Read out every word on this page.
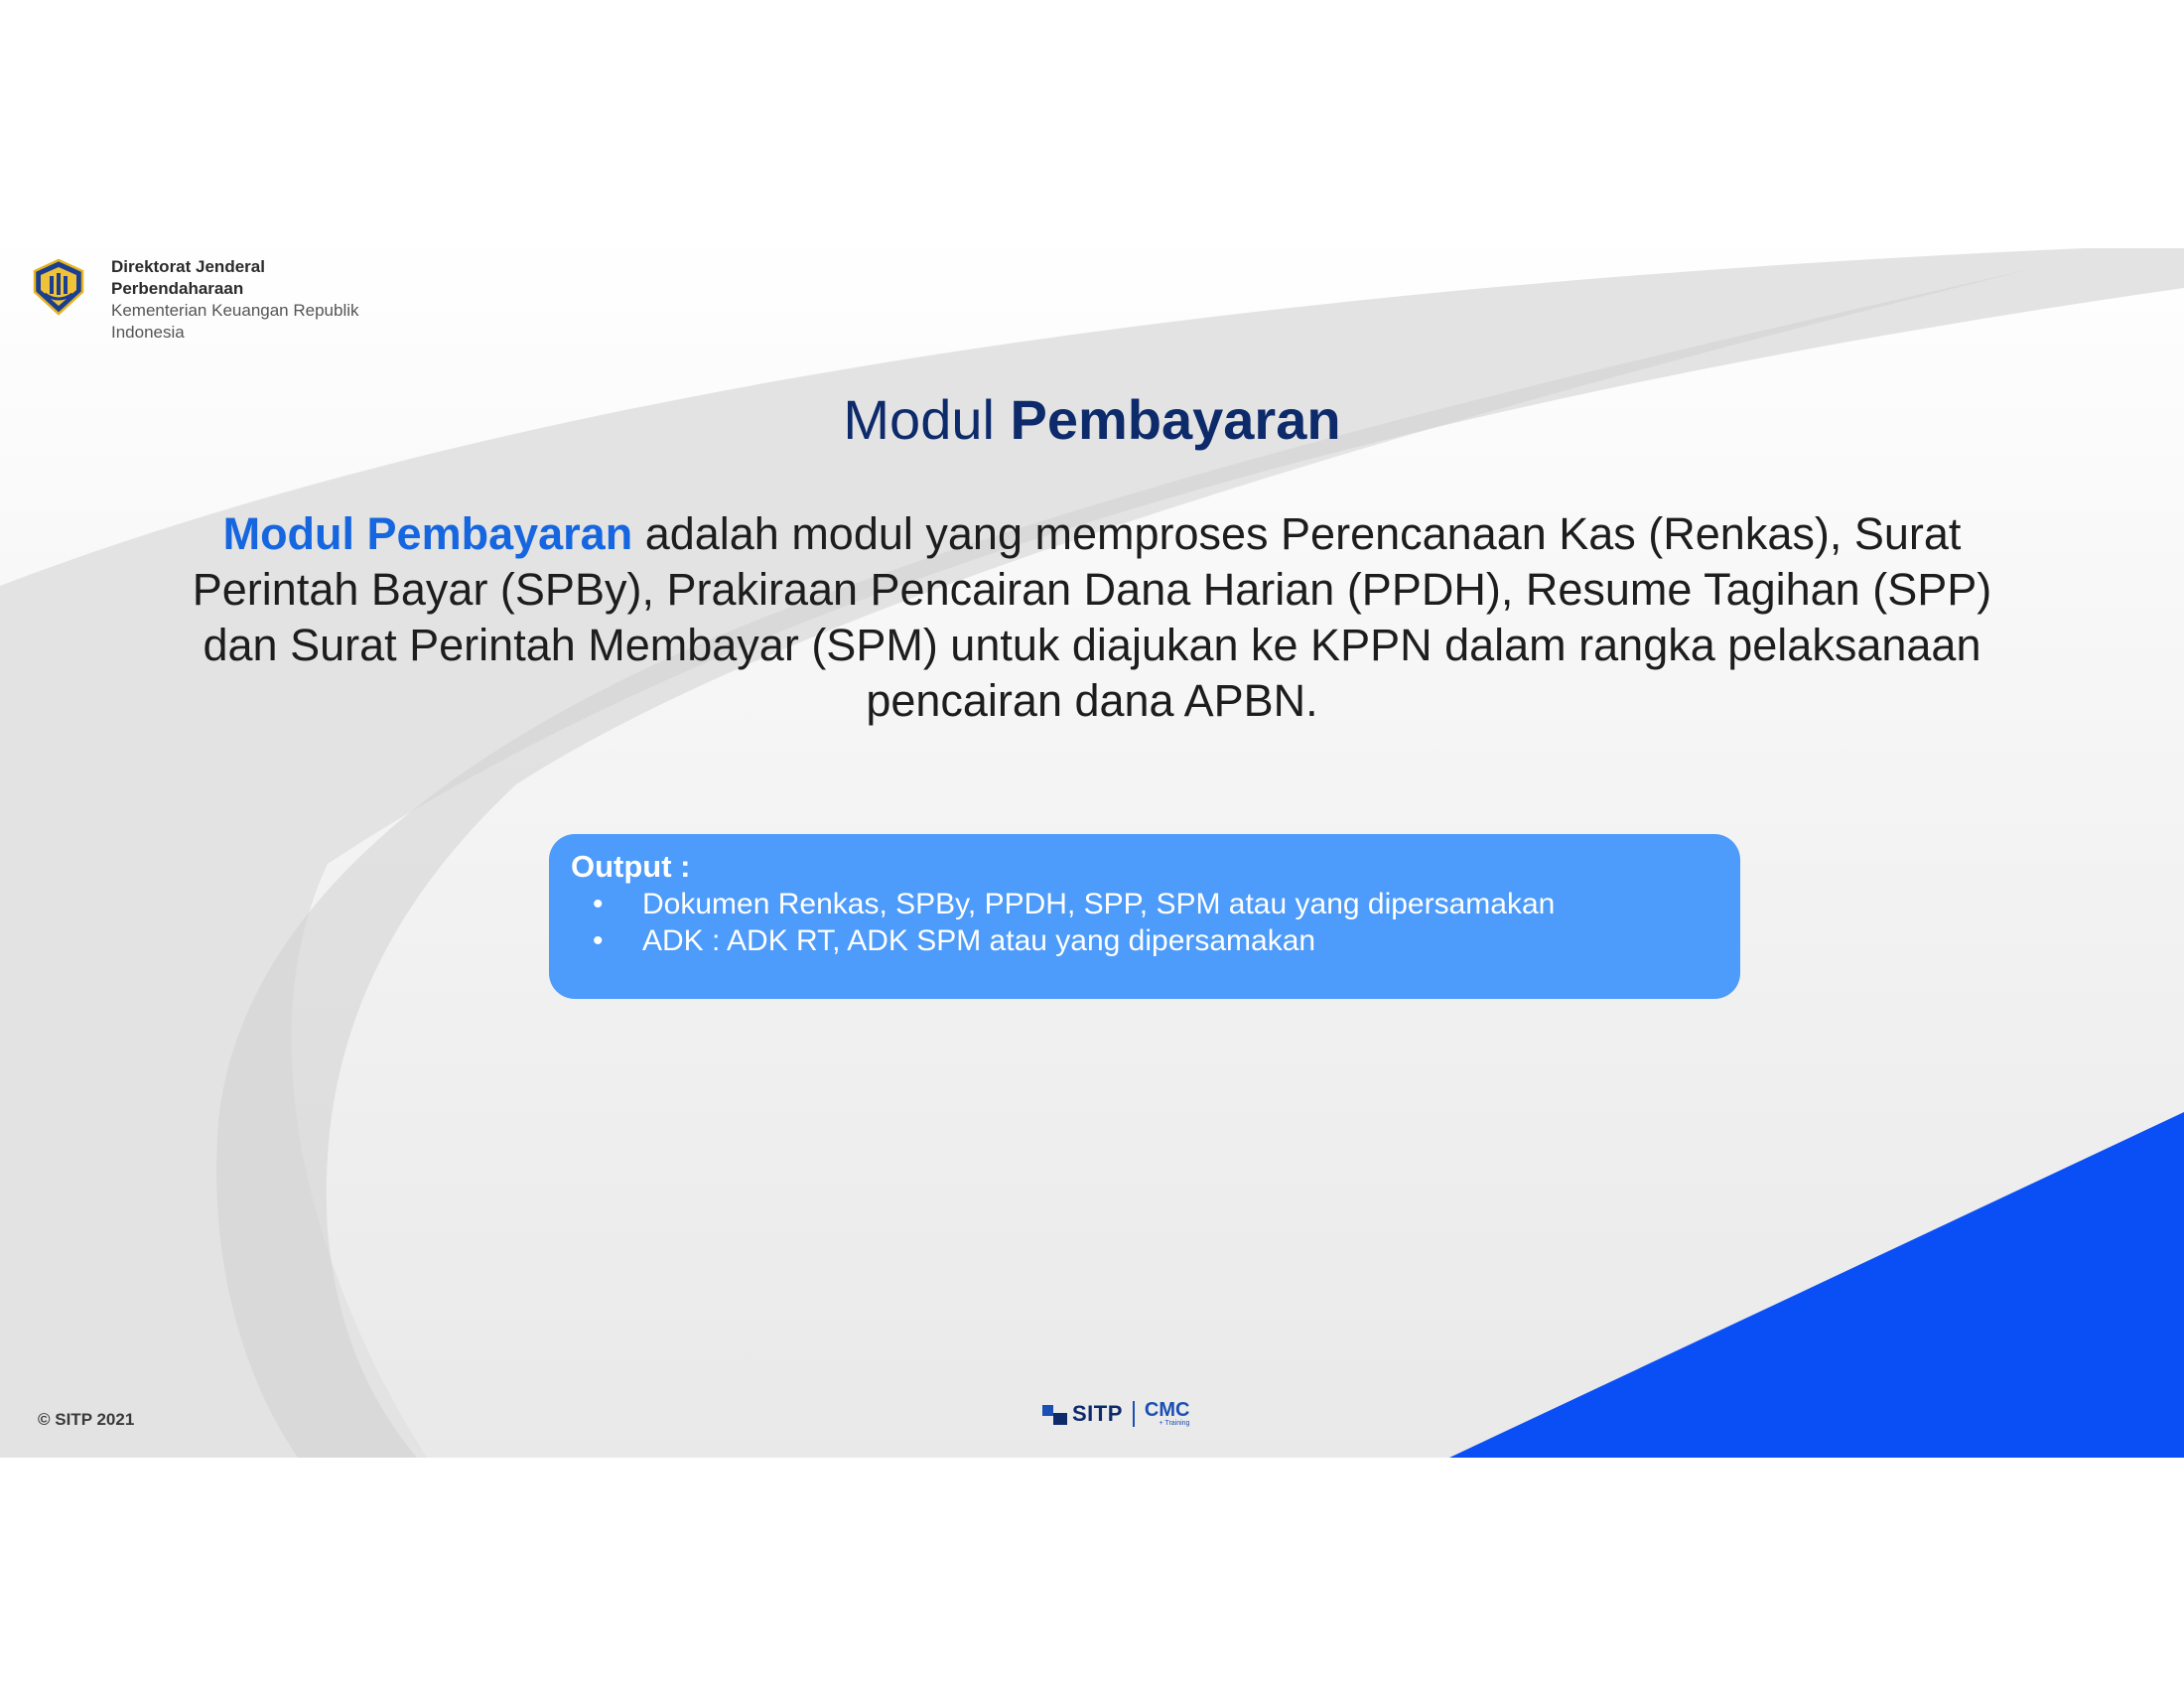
Direktorat Jenderal
Perbendaharaan
Kementerian Keuangan Republik
Indonesia
Modul Pembayaran
Modul Pembayaran adalah modul yang memproses Perencanaan Kas (Renkas), Surat Perintah Bayar (SPBy), Prakiraan Pencairan Dana Harian (PPDH), Resume Tagihan (SPP) dan Surat Perintah Membayar (SPM) untuk diajukan ke KPPN dalam rangka pelaksanaan pencairan dana APBN.
Output :
•	Dokumen Renkas, SPBy, PPDH, SPP, SPM atau yang dipersamakan
•	ADK : ADK RT, ADK SPM atau yang dipersamakan
© SITP 2021	SITP CMC
+ Training
